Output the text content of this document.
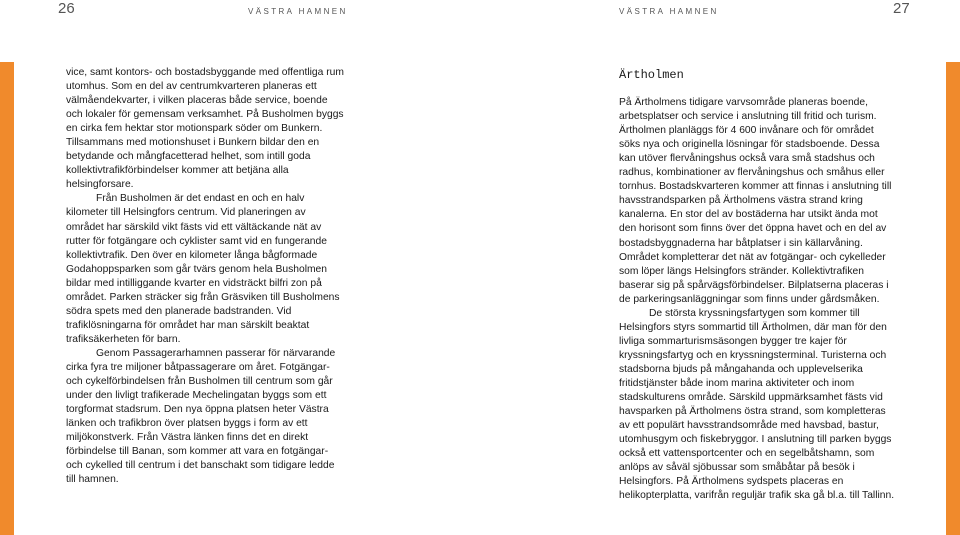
26	VÄSTRA HAMNEN	VÄSTRA HAMNEN	27

vice, samt kontors- och bostadsbyggande med offentliga rum utomhus. Som en del av centrumkvarteren planeras ett välmåendekvarter, i vilken placeras både service, boende och lokaler för gemensam verksamhet. På Busholmen byggs en cirka fem hektar stor motionspark söder om Bunkern. Tillsammans med motionshuset i Bunkern bildar den en betydande och mångfacetterad helhet, som intill goda kollektivtrafikförbindelser kommer att betjäna alla helsingforsare.

Från Busholmen är det endast en och en halv kilometer till Helsingfors centrum. Vid planeringen av området har särskild vikt fästs vid ett vältäckande nät av rutter för fotgängare och cyklister samt vid en fungerande kollektivtrafik. Den över en kilometer långa bågformade Godahoppsparken som går tvärs genom hela Busholmen bildar med intilliggande kvarter en vidsträckt bilfri zon på området. Parken sträcker sig från Gräsviken till Busholmens södra spets med den planerade badstranden. Vid trafiklösningarna för området har man särskilt beaktat trafiksäkerheten för barn.

Genom Passagerarhamnen passerar för närvarande cirka fyra tre miljoner båtpassagerare om året. Fotgängar- och cykelförbindelsen från Busholmen till centrum som går under den livligt trafikerade Mechelingatan byggs som ett torgformat stadsrum. Den nya öppna platsen heter Västra länken och trafikbron över platsen byggs i form av ett miljökonstverk. Från Västra länken finns det en direkt förbindelse till Banan, som kommer att vara en fotgängar- och cykelled till centrum i det banschakt som tidigare ledde till hamnen.

Ärtholmen

På Ärtholmens tidigare varvsområde planeras boende, arbetsplatser och service i anslutning till fritid och turism. Ärtholmen planläggs för 4 600 invånare och för området söks nya och originella lösningar för stadsboende. Dessa kan utöver flervåningshus också vara små stadshus och radhus, kombinationer av flervåningshus och småhus eller tornhus. Bostadskvarteren kommer att finnas i anslutning till havsstrandsparken på Ärtholmens västra strand kring kanalerna. En stor del av bostäderna har utsikt ända mot den horisont som finns över det öppna havet och en del av bostadsbyggnaderna har båtplatser i sin källarvåning. Området kompletterar det nät av fotgängar- och cykelleder som löper längs Helsingfors stränder. Kollektivtrafiken baserar sig på spårvägsförbindelser. Bilplatserna placeras i de parkeringsanläggningar som finns under gårdsmåken.

De största kryssningsfartygen som kommer till Helsingfors styrs sommartid till Ärtholmen, där man för den livliga sommarturismsäsongen bygger tre kajer för kryssningsfartyg och en kryssningsterminal. Turisterna och stadsborna bjuds på mångahanda och upplevelserika fritidstjänster både inom marina aktiviteter och inom stadskulturens område. Särskild uppmärksamhet fästs vid havsparken på Ärtholmens östra strand, som kompletteras av ett populärt havsstrandsområde med havsbad, bastur, utomhusgym och fiskebryggor. I anslutning till parken byggs också ett vattensportcenter och en segelbåtshamn, som anlöps av såväl sjöbussar som småbåtar på besök i Helsingfors. På Ärtholmens sydspets placeras en helikopterplatta, varifrån reguljär trafik ska gå bl.a. till Tallinn.
